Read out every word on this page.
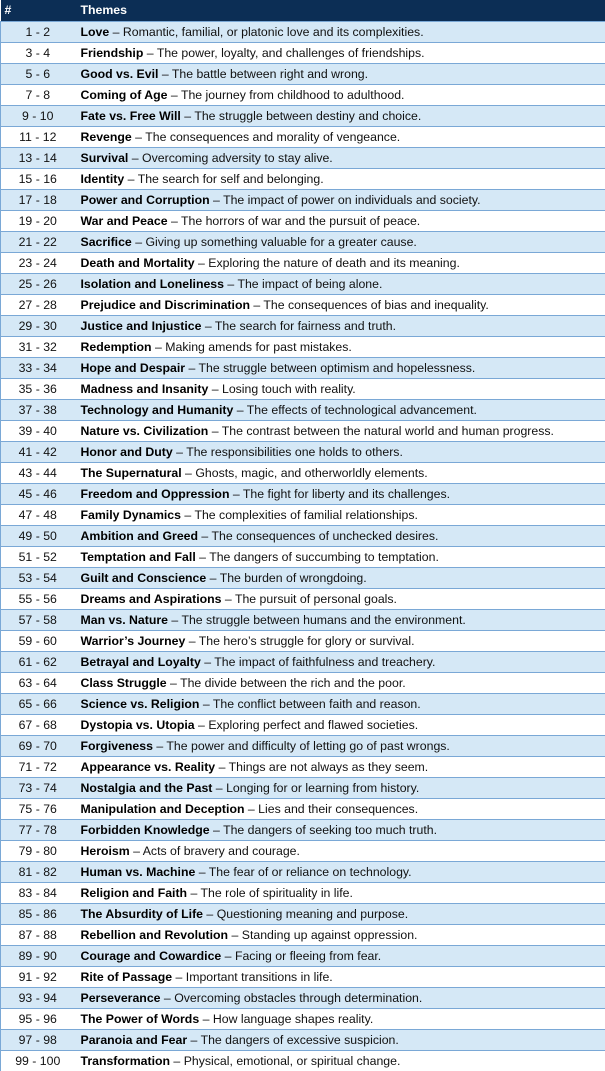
#	Themes
1 - 2	Love – Romantic, familial, or platonic love and its complexities.
3 - 4	Friendship – The power, loyalty, and challenges of friendships.
5 - 6	Good vs. Evil – The battle between right and wrong.
7 - 8	Coming of Age – The journey from childhood to adulthood.
9 - 10	Fate vs. Free Will – The struggle between destiny and choice.
11 - 12	Revenge – The consequences and morality of vengeance.
13 - 14	Survival – Overcoming adversity to stay alive.
15 - 16	Identity – The search for self and belonging.
17 - 18	Power and Corruption – The impact of power on individuals and society.
19 - 20	War and Peace – The horrors of war and the pursuit of peace.
21 - 22	Sacrifice – Giving up something valuable for a greater cause.
23 - 24	Death and Mortality – Exploring the nature of death and its meaning.
25 - 26	Isolation and Loneliness – The impact of being alone.
27 - 28	Prejudice and Discrimination – The consequences of bias and inequality.
29 - 30	Justice and Injustice – The search for fairness and truth.
31 - 32	Redemption – Making amends for past mistakes.
33 - 34	Hope and Despair – The struggle between optimism and hopelessness.
35 - 36	Madness and Insanity – Losing touch with reality.
37 - 38	Technology and Humanity – The effects of technological advancement.
39 - 40	Nature vs. Civilization – The contrast between the natural world and human progress.
41 - 42	Honor and Duty – The responsibilities one holds to others.
43 - 44	The Supernatural – Ghosts, magic, and otherworldly elements.
45 - 46	Freedom and Oppression – The fight for liberty and its challenges.
47 - 48	Family Dynamics – The complexities of familial relationships.
49 - 50	Ambition and Greed – The consequences of unchecked desires.
51 - 52	Temptation and Fall – The dangers of succumbing to temptation.
53 - 54	Guilt and Conscience – The burden of wrongdoing.
55 - 56	Dreams and Aspirations – The pursuit of personal goals.
57 - 58	Man vs. Nature – The struggle between humans and the environment.
59 - 60	Warrior’s Journey – The hero’s struggle for glory or survival.
61 - 62	Betrayal and Loyalty – The impact of faithfulness and treachery.
63 - 64	Class Struggle – The divide between the rich and the poor.
65 - 66	Science vs. Religion – The conflict between faith and reason.
67 - 68	Dystopia vs. Utopia – Exploring perfect and flawed societies.
69 - 70	Forgiveness – The power and difficulty of letting go of past wrongs.
71 - 72	Appearance vs. Reality – Things are not always as they seem.
73 - 74	Nostalgia and the Past – Longing for or learning from history.
75 - 76	Manipulation and Deception – Lies and their consequences.
77 - 78	Forbidden Knowledge – The dangers of seeking too much truth.
79 - 80	Heroism – Acts of bravery and courage.
81 - 82	Human vs. Machine – The fear of or reliance on technology.
83 - 84	Religion and Faith – The role of spirituality in life.
85 - 86	The Absurdity of Life – Questioning meaning and purpose.
87 - 88	Rebellion and Revolution – Standing up against oppression.
89 - 90	Courage and Cowardice – Facing or fleeing from fear.
91 - 92	Rite of Passage – Important transitions in life.
93 - 94	Perseverance – Overcoming obstacles through determination.
95 - 96	The Power of Words – How language shapes reality.
97 - 98	Paranoia and Fear – The dangers of excessive suspicion.
99 - 100	Transformation – Physical, emotional, or spiritual change.
